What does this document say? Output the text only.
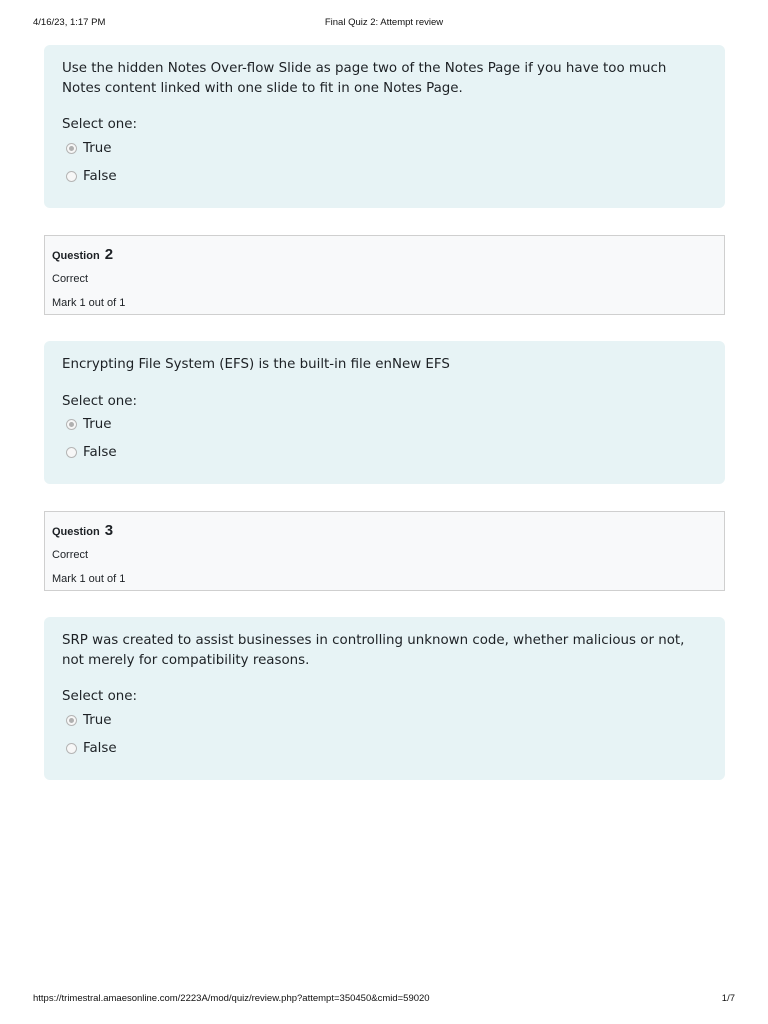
4/16/23, 1:17 PM	Final Quiz 2: Attempt review

Use the hidden Notes Over-flow Slide as page two of the Notes Page if you have too much Notes content linked with one slide to fit in one Notes Page.

Select one:
True
False
Question 2
Correct
Mark 1 out of 1

Encrypting File System (EFS) is the built-in file enNew EFS

Select one:
True
False
Question 3
Correct
Mark 1 out of 1

SRP was created to assist businesses in controlling unknown code, whether malicious or not, not merely for compatibility reasons.

Select one:
True
False
https://trimestral.amaesonline.com/2223A/mod/quiz/review.php?attempt=350450&cmid=59020	1/7
